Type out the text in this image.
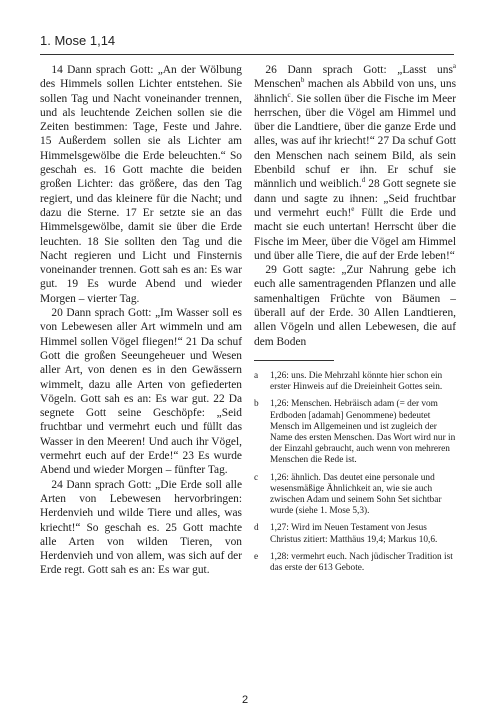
1. Mose 1,14

14 Dann sprach Gott: „An der Wölbung des Himmels sollen Lichter entstehen. Sie sollen Tag und Nacht voneinander trennen, und als leuchtende Zeichen sollen sie die Zeiten bestimmen: Tage, Feste und Jahre. 15 Außerdem sollen sie als Lichter am Himmelsgewölbe die Erde beleuchten.“ So geschah es. 16 Gott machte die beiden großen Lichter: das größere, das den Tag regiert, und das kleinere für die Nacht; und dazu die Sterne. 17 Er setzte sie an das Himmelsgewölbe, damit sie über die Erde leuchten. 18 Sie sollten den Tag und die Nacht regieren und Licht und Finsternis voneinander trennen. Gott sah es an: Es war gut. 19 Es wurde Abend und wieder Morgen – vierter Tag.

20 Dann sprach Gott: „Im Wasser soll es von Lebewesen aller Art wimmeln und am Himmel sollen Vögel fliegen!“ 21 Da schuf Gott die großen Seeungeheuer und Wesen aller Art, von denen es in den Gewässern wimmelt, dazu alle Arten von gefiederten Vögeln. Gott sah es an: Es war gut. 22 Da segnete Gott seine Geschöpfe: „Seid fruchtbar und vermehrt euch und füllt das Wasser in den Meeren! Und auch ihr Vögel, vermehrt euch auf der Erde!“ 23 Es wurde Abend und wieder Morgen – fünfter Tag.

24 Dann sprach Gott: „Die Erde soll alle Arten von Lebewesen hervorbringen: Herdenvieh und wilde Tiere und alles, was kriecht!“ So geschah es. 25 Gott machte alle Arten von wilden Tieren, von Herdenvieh und von allem, was sich auf der Erde regt. Gott sah es an: Es war gut.

26 Dann sprach Gott: „Lasst uns$^a$ Menschen$^b$ machen als Abbild von uns, uns ähnlich$^c$. Sie sollen über die Fische im Meer herrschen, über die Vögel am Himmel und über die Landtiere, über die ganze Erde und alles, was auf ihr kriecht!“ 27 Da schuf Gott den Menschen nach seinem Bild, als sein Ebenbild schuf er ihn. Er schuf sie männlich und weiblich.$^d$ 28 Gott segnete sie dann und sagte zu ihnen: „Seid fruchtbar und vermehrt euch!$^e$ Füllt die Erde und macht sie euch untertan! Herrscht über die Fische im Meer, über die Vögel am Himmel und über alle Tiere, die auf der Erde leben!“

29 Gott sagte: „Zur Nahrung gebe ich euch alle samentragenden Pflanzen und alle samenhaltigen Früchte von Bäumen – überall auf der Erde. 30 Allen Landtieren, allen Vögeln und allen Lebewesen, die auf dem Boden

a 1,26: uns. Die Mehrzahl könnte hier schon ein erster Hinweis auf die Dreieinheit Gottes sein.

b 1,26: Menschen. Hebräisch adam (= der vom Erdboden [adamah] Genommene) bedeutet Mensch im Allgemeinen und ist zugleich der Name des ersten Menschen. Das Wort wird nur in der Einzahl gebraucht, auch wenn von mehreren Menschen die Rede ist.

c 1,26: ähnlich. Das deutet eine personale und wesensmäßige Ähnlichkeit an, wie sie auch zwischen Adam und seinem Sohn Set sichtbar wurde (siehe 1. Mose 5,3).

d 1,27: Wird im Neuen Testament von Jesus Christus zitiert: Matthäus 19,4; Markus 10,6.

e 1,28: vermehrt euch. Nach jüdischer Tradition ist das erste der 613 Gebote.

2
